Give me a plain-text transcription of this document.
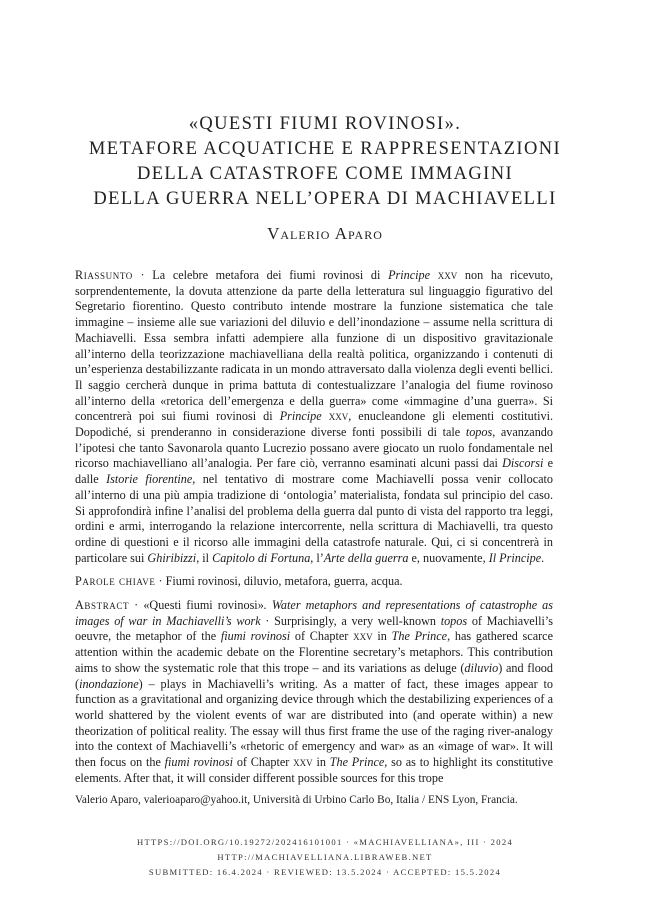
«QUESTI FIUMI ROVINOSI».
METAFORE ACQUATICHE E RAPPRESENTAZIONI
DELLA CATASTROFE COME IMMAGINI
DELLA GUERRA NELL’OPERA DI MACHIAVELLI
Valerio Aparo
Riassunto · La celebre metafora dei fiumi rovinosi di Principe xxv non ha ricevuto, sorprendentemente, la dovuta attenzione da parte della letteratura sul linguaggio figurativo del Segretario fiorentino. Questo contributo intende mostrare la funzione sistematica che tale immagine – insieme alle sue variazioni del diluvio e dell’inondazione – assume nella scrittura di Machiavelli. Essa sembra infatti adempiere alla funzione di un dispositivo gravitazionale all’interno della teorizzazione machiavelliana della realtà politica, organizzando i contenuti di un’esperienza destabilizzante radicata in un mondo attraversato dalla violenza degli eventi bellici. Il saggio cercherà dunque in prima battuta di contestualizzare l’analogia del fiume rovinoso all’interno della «retorica dell’emergenza e della guerra» come «immagine d’una guerra». Si concentrerà poi sui fiumi rovinosi di Principe xxv, enucleandone gli elementi costitutivi. Dopodiché, si prenderanno in considerazione diverse fonti possibili di tale topos, avanzando l’ipotesi che tanto Savonarola quanto Lucrezio possano avere giocato un ruolo fondamentale nel ricorso machiavelliano all’analogia. Per fare ciò, verranno esaminati alcuni passi dai Discorsi e dalle Istorie fiorentine, nel tentativo di mostrare come Machiavelli possa venir collocato all’interno di una più ampia tradizione di ‘ontologia’ materialista, fondata sul principio del caso. Si approfondirà infine l’analisi del problema della guerra dal punto di vista del rapporto tra leggi, ordini e armi, interrogando la relazione intercorrente, nella scrittura di Machiavelli, tra questo ordine di questioni e il ricorso alle immagini della catastrofe naturale. Qui, ci si concentrerà in particolare sui Ghiribizzi, il Capitolo di Fortuna, l’Arte della guerra e, nuovamente, Il Principe.
Parole chiave · Fiumi rovinosi, diluvio, metafora, guerra, acqua.
Abstract · «Questi fiumi rovinosi». Water metaphors and representations of catastrophe as images of war in Machiavelli’s work · Surprisingly, a very well-known topos of Machiavelli’s oeuvre, the metaphor of the fiumi rovinosi of Chapter xxv in The Prince, has gathered scarce attention within the academic debate on the Florentine secretary’s metaphors. This contribution aims to show the systematic role that this trope – and its variations as deluge (diluvio) and flood (inondazione) – plays in Machiavelli’s writing. As a matter of fact, these images appear to function as a gravitational and organizing device through which the destabilizing experiences of a world shattered by the violent events of war are distributed into (and operate within) a new theorization of political reality. The essay will thus first frame the use of the raging river-analogy into the context of Machiavelli’s «rhetoric of emergency and war» as an «image of war». It will then focus on the fiumi rovinosi of Chapter xxv in The Prince, so as to highlight its constitutive elements. After that, it will consider different possible sources for this trope
Valerio Aparo, valerioaparo@yahoo.it, Università di Urbino Carlo Bo, Italia / ENS Lyon, Francia.
HTTPS://DOI.ORG/10.19272/202416101001 · «MACHIAVELLIANA», III · 2024
HTTP://MACHIAVELLIANA.LIBRAWEB.NET
SUBMITTED: 16.4.2024 · REVIEWED: 13.5.2024 · ACCEPTED: 15.5.2024
